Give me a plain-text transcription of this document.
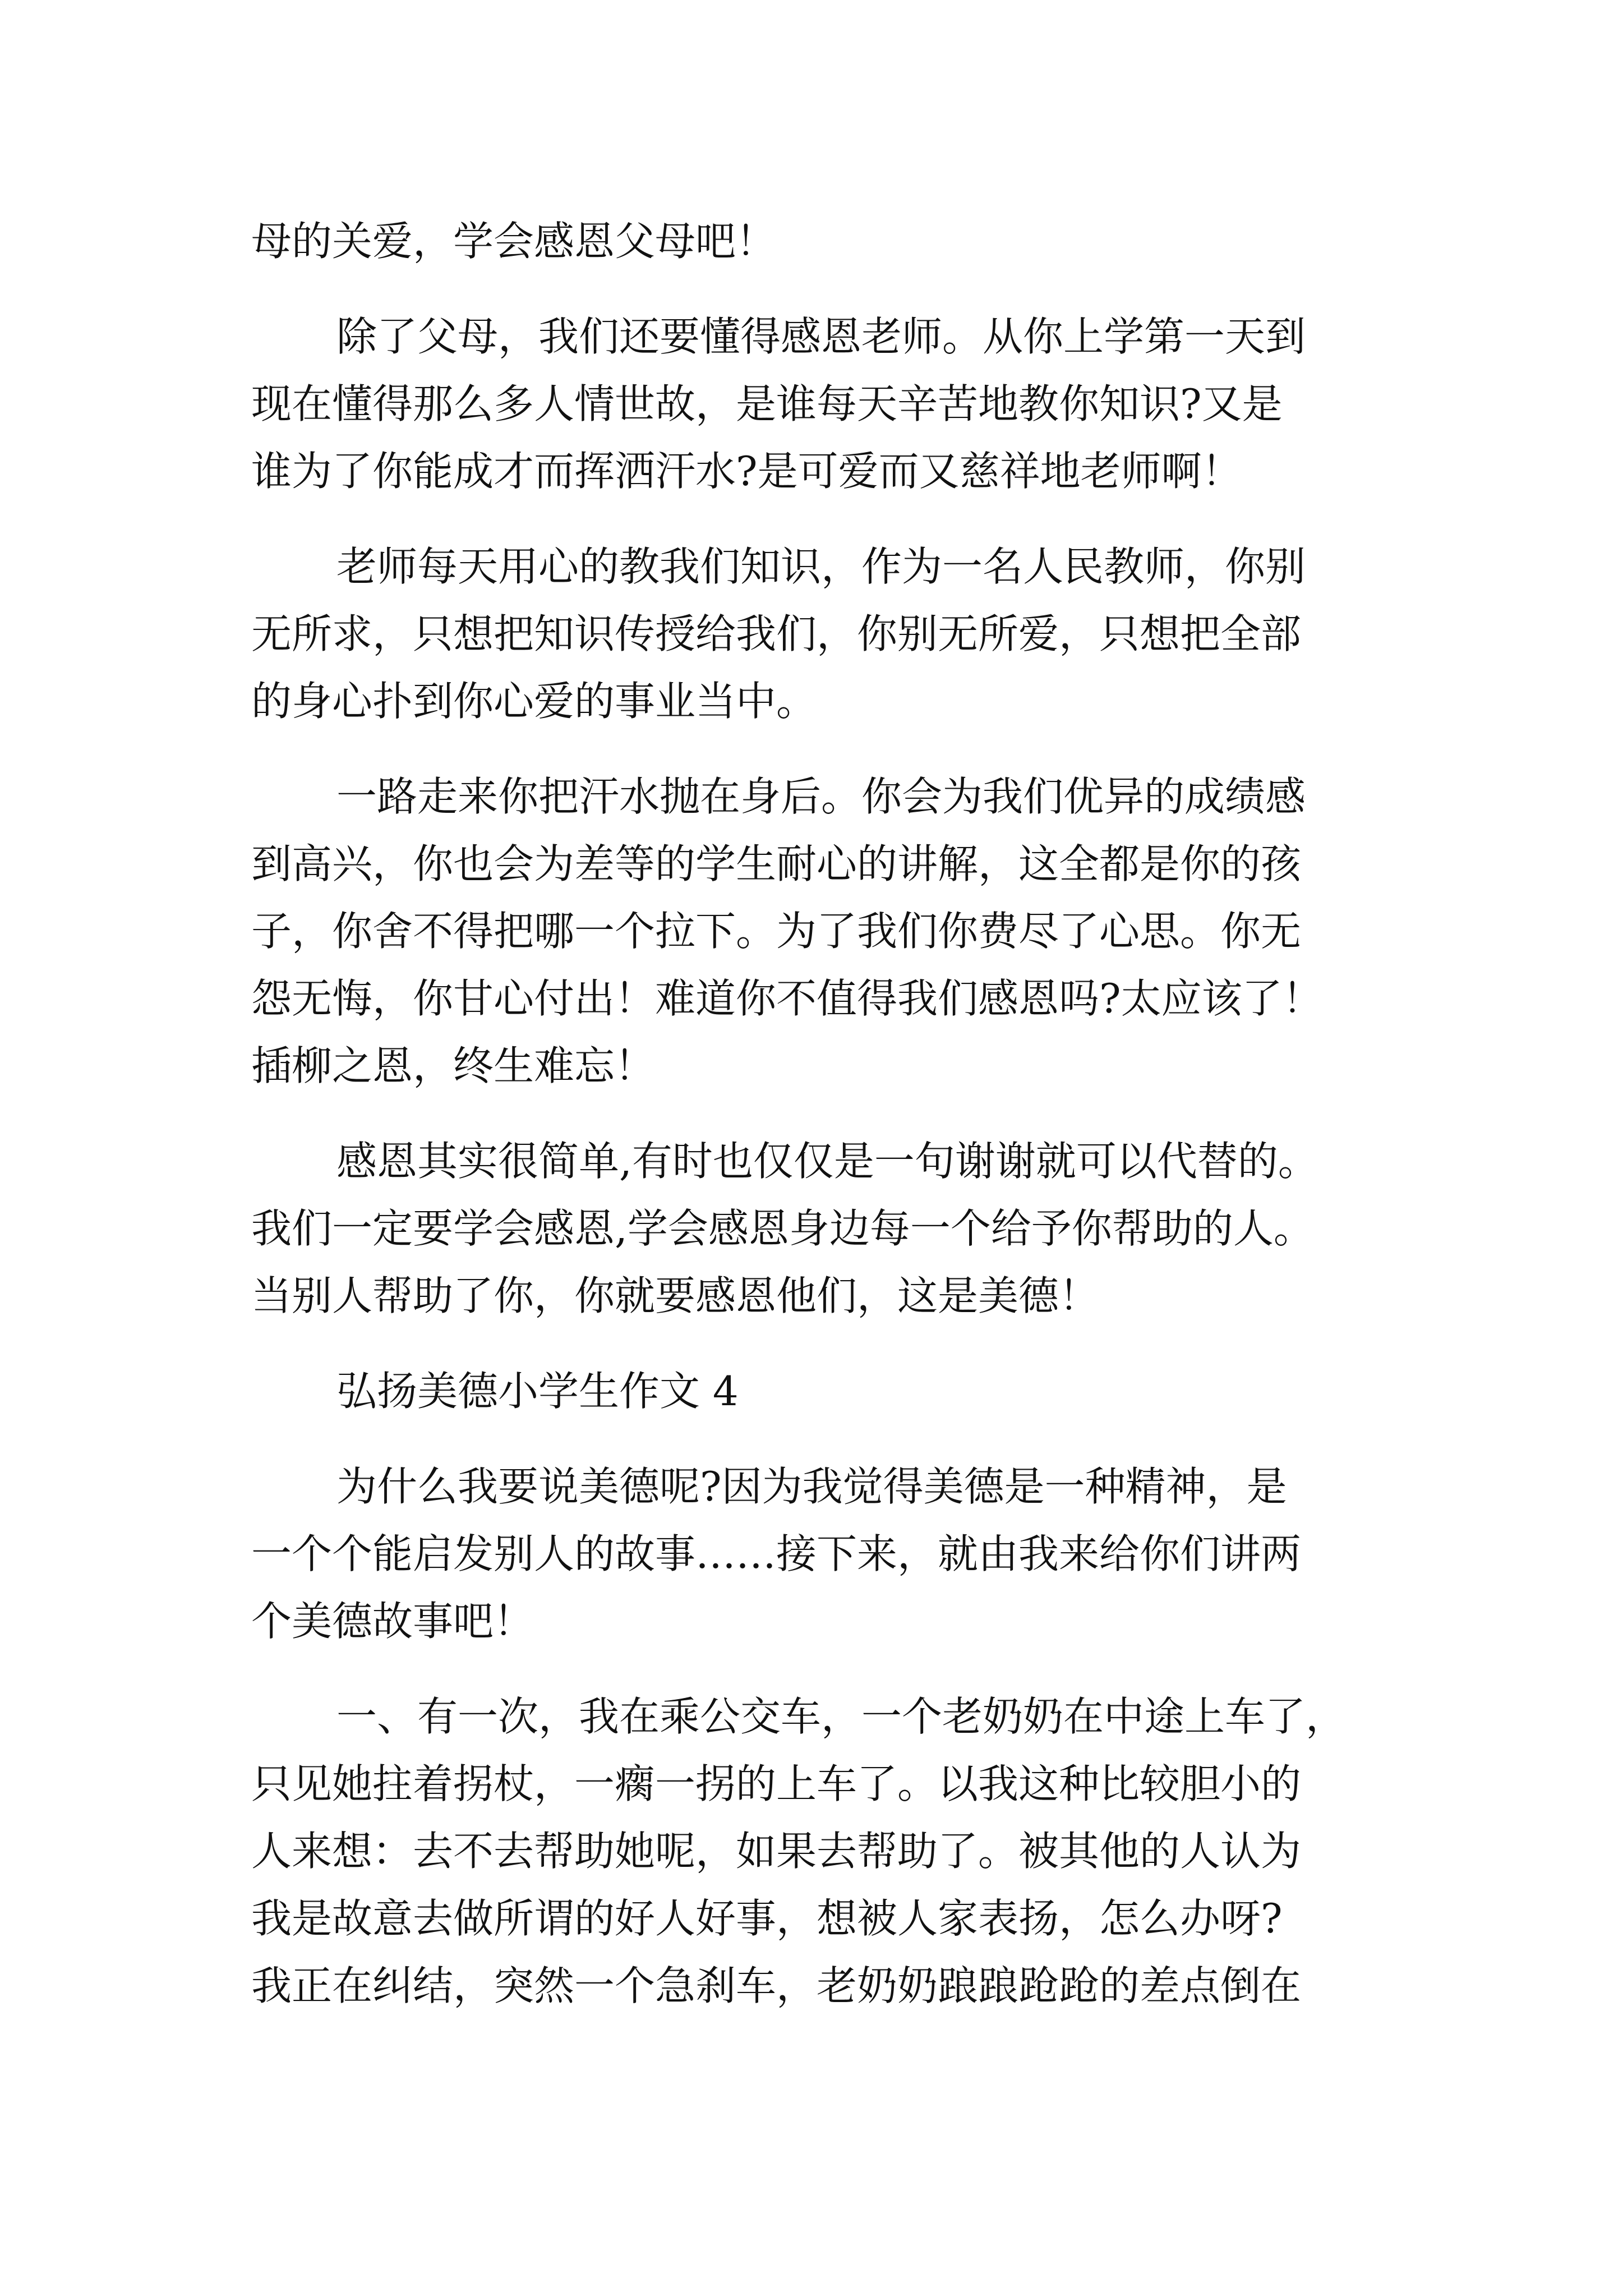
母的关爱，学会感恩父母吧！
除了父母，我们还要懂得感恩老师。从你上学第一天到
现在懂得那么多人情世故，是谁每天辛苦地教你知识?又是
谁为了你能成才而挥洒汗水?是可爱而又慈祥地老师啊！
老师每天用心的教我们知识，作为一名人民教师，你别
无所求，只想把知识传授给我们，你别无所爱，只想把全部
的身心扑到你心爱的事业当中。
一路走来你把汗水抛在身后。你会为我们优异的成绩感
到高兴，你也会为差等的学生耐心的讲解，这全都是你的孩
子，你舍不得把哪一个拉下。为了我们你费尽了心思。你无
怨无悔，你甘心付出！难道你不值得我们感恩吗?太应该了！
插柳之恩，终生难忘！
感恩其实很简单,有时也仅仅是一句谢谢就可以代替的。
我们一定要学会感恩,学会感恩身边每一个给予你帮助的人。
当别人帮助了你，你就要感恩他们，这是美德！
弘扬美德小学生作文 4
为什么我要说美德呢?因为我觉得美德是一种精神，是
一个个能启发别人的故事……接下来，就由我来给你们讲两
个美德故事吧！
一、有一次，我在乘公交车，一个老奶奶在中途上车了，
只见她拄着拐杖，一瘸一拐的上车了。以我这种比较胆小的
人来想：去不去帮助她呢，如果去帮助了。被其他的人认为
我是故意去做所谓的好人好事，想被人家表扬，怎么办呀?
我正在纠结，突然一个急刹车，老奶奶踉踉跄跄的差点倒在
